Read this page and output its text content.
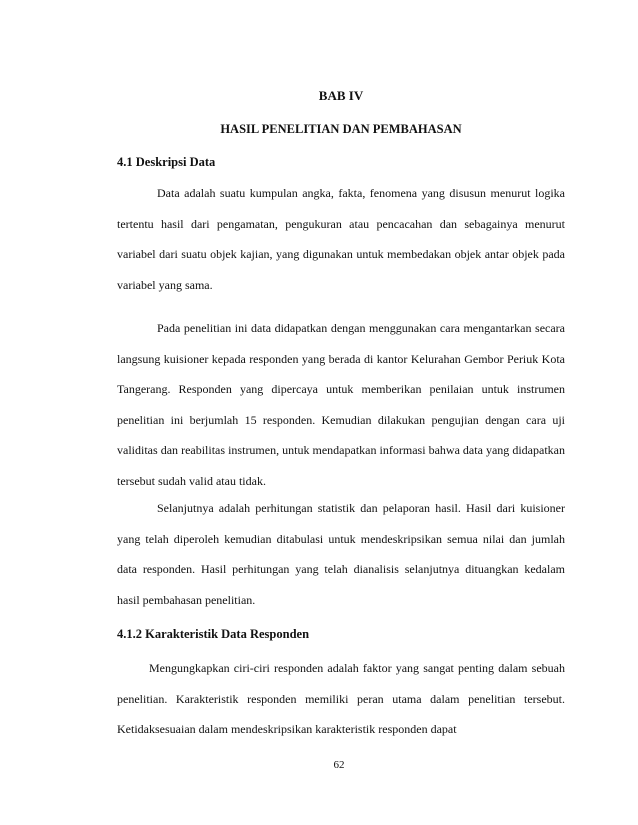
BAB IV
HASIL PENELITIAN DAN PEMBAHASAN
4.1 Deskripsi Data

Data adalah suatu kumpulan angka, fakta, fenomena yang disusun menurut logika tertentu hasil dari pengamatan, pengukuran atau pencacahan dan sebagainya menurut variabel dari suatu objek kajian, yang digunakan untuk membedakan objek antar objek pada variabel yang sama.

Pada penelitian ini data didapatkan dengan menggunakan cara mengantarkan secara langsung kuisioner kepada responden yang berada di kantor Kelurahan Gembor Periuk Kota Tangerang. Responden yang dipercaya untuk memberikan penilaian untuk instrumen penelitian ini berjumlah 15 responden. Kemudian dilakukan pengujian dengan cara uji validitas dan reabilitas instrumen, untuk mendapatkan informasi bahwa data yang didapatkan tersebut sudah valid atau tidak.

Selanjutnya adalah perhitungan statistik dan pelaporan hasil. Hasil dari kuisioner yang telah diperoleh kemudian ditabulasi untuk mendeskripsikan semua nilai dan jumlah data responden. Hasil perhitungan yang telah dianalisis selanjutnya dituangkan kedalam hasil pembahasan penelitian.

4.1.2 Karakteristik Data Responden

Mengungkapkan ciri-ciri responden adalah faktor yang sangat penting dalam sebuah penelitian. Karakteristik responden memiliki peran utama dalam penelitian tersebut. Ketidaksesuaian dalam mendeskripsikan karakteristik responden dapat

62
